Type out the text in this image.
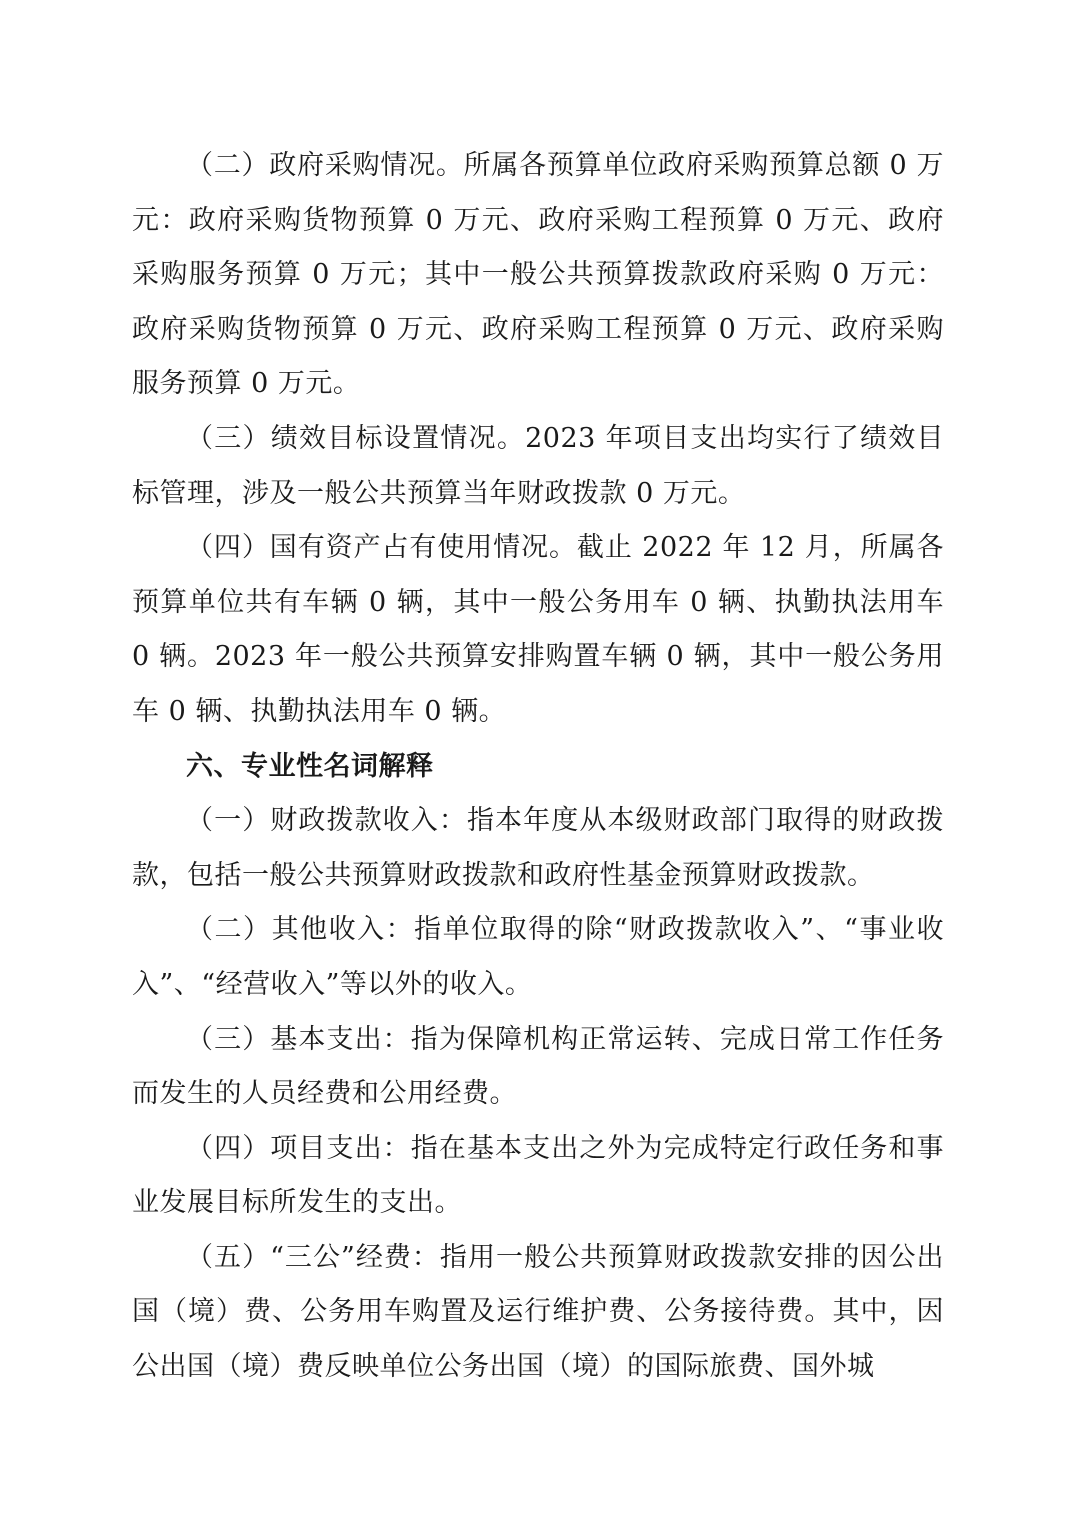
（二）政府采购情况。所属各预算单位政府采购预算总额 0 万元：政府采购货物预算 0 万元、政府采购工程预算 0 万元、政府采购服务预算 0 万元；其中一般公共预算拨款政府采购 0 万元：政府采购货物预算 0 万元、政府采购工程预算 0 万元、政府采购服务预算 0 万元。

（三）绩效目标设置情况。2023 年项目支出均实行了绩效目标管理，涉及一般公共预算当年财政拨款 0 万元。

（四）国有资产占有使用情况。截止 2022 年 12 月，所属各预算单位共有车辆 0 辆，其中一般公务用车 0 辆、执勤执法用车 0 辆。2023 年一般公共预算安排购置车辆 0 辆，其中一般公务用车 0 辆、执勤执法用车 0 辆。

六、专业性名词解释

（一）财政拨款收入：指本年度从本级财政部门取得的财政拨款，包括一般公共预算财政拨款和政府性基金预算财政拨款。

（二）其他收入：指单位取得的除“财政拨款收入”、“事业收入”、“经营收入”等以外的收入。

（三）基本支出：指为保障机构正常运转、完成日常工作任务而发生的人员经费和公用经费。

（四）项目支出：指在基本支出之外为完成特定行政任务和事业发展目标所发生的支出。

（五）“三公”经费：指用一般公共预算财政拨款安排的因公出国（境）费、公务用车购置及运行维护费、公务接待费。其中，因公出国（境）费反映单位公务出国（境）的国际旅费、国外城
